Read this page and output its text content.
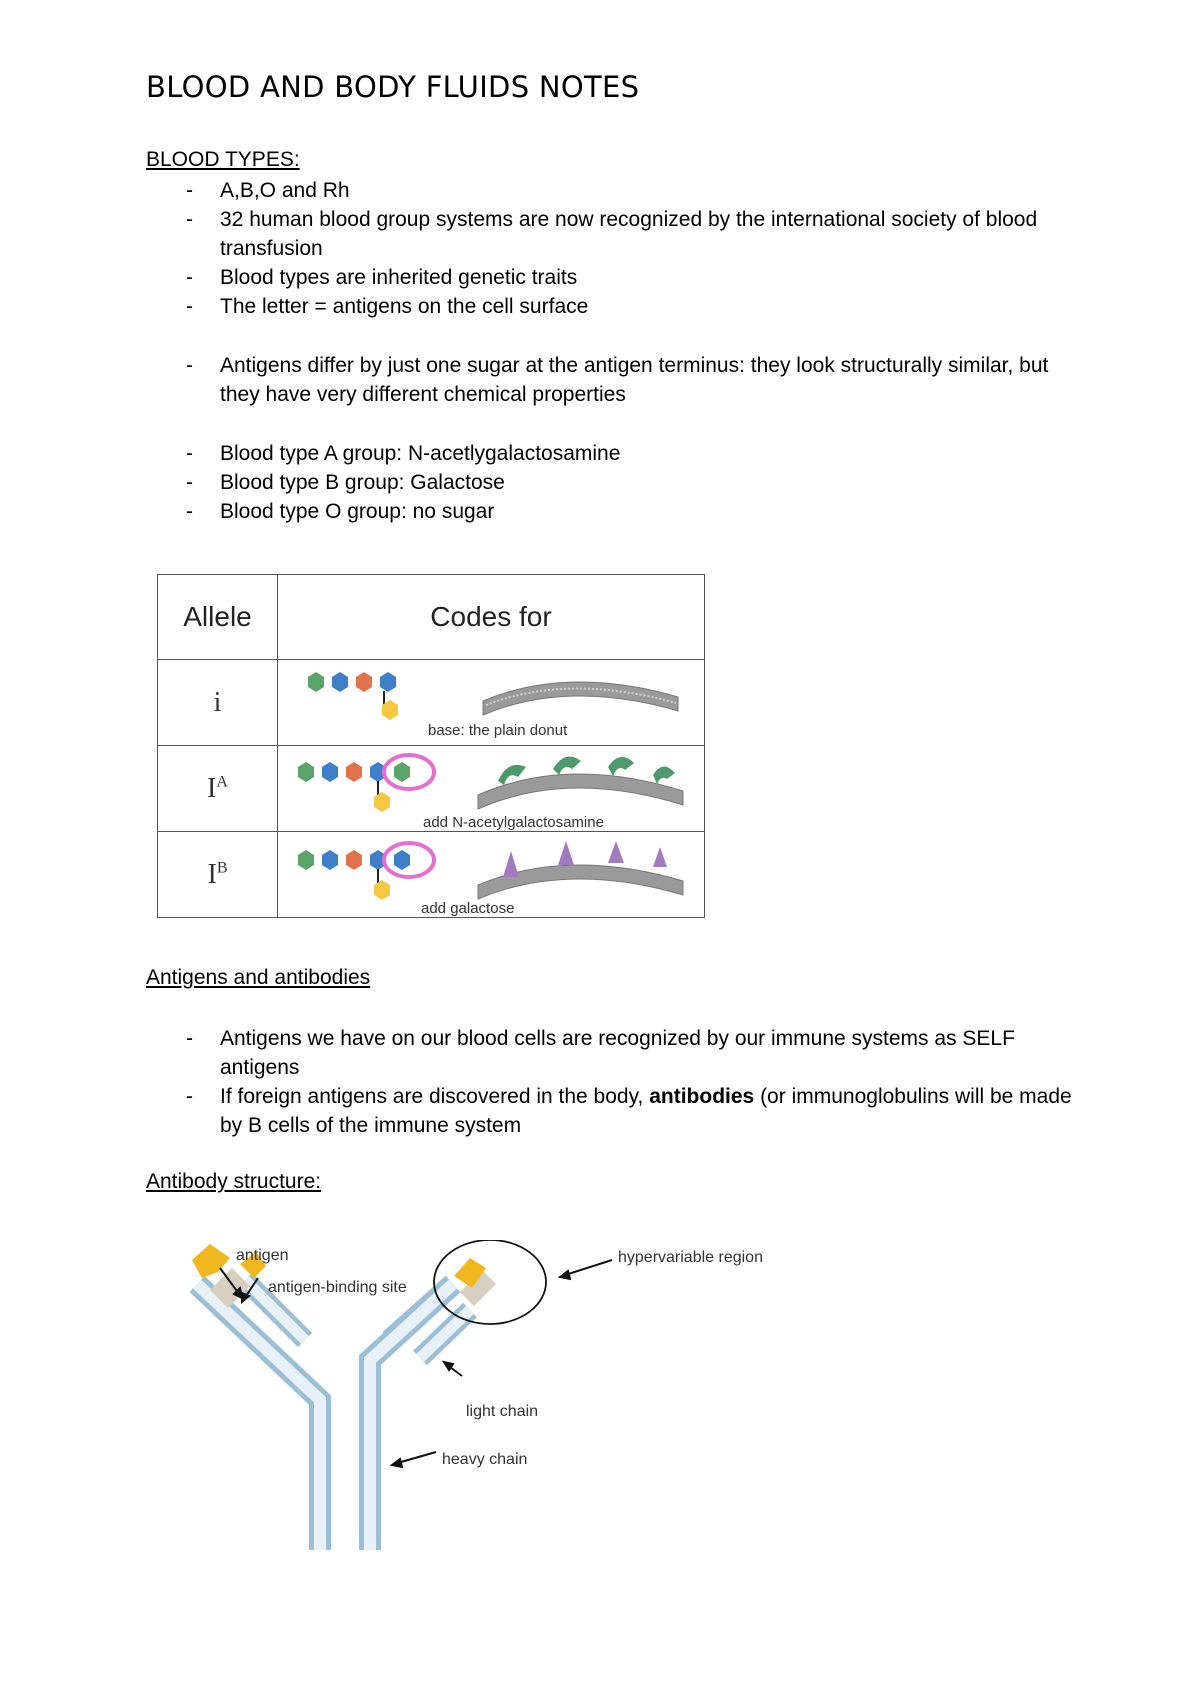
BLOOD AND BODY FLUIDS NOTES
BLOOD TYPES:
- A,B,O and Rh
- 32 human blood group systems are now recognized by the international society of blood transfusion
- Blood types are inherited genetic traits
- The letter = antigens on the cell surface
- Antigens differ by just one sugar at the antigen terminus: they look structurally similar, but they have very different chemical properties
- Blood type A group: N-acetlygalactosamine
- Blood type B group: Galactose
- Blood type O group: no sugar
Allele	Codes for
i	base: the plain donut

$I^A$	add N-acetylgalactosamine

$I^B$	add galactose
Antigens and antibodies
- Antigens we have on our blood cells are recognized by our immune systems as SELF antigens
- If foreign antigens are discovered in the body, antibodies (or immunoglobulins will be made by B cells of the immune system
Antibody structure:
antigen
antigen-binding site
hypervariable region
light chain
heavy chain
